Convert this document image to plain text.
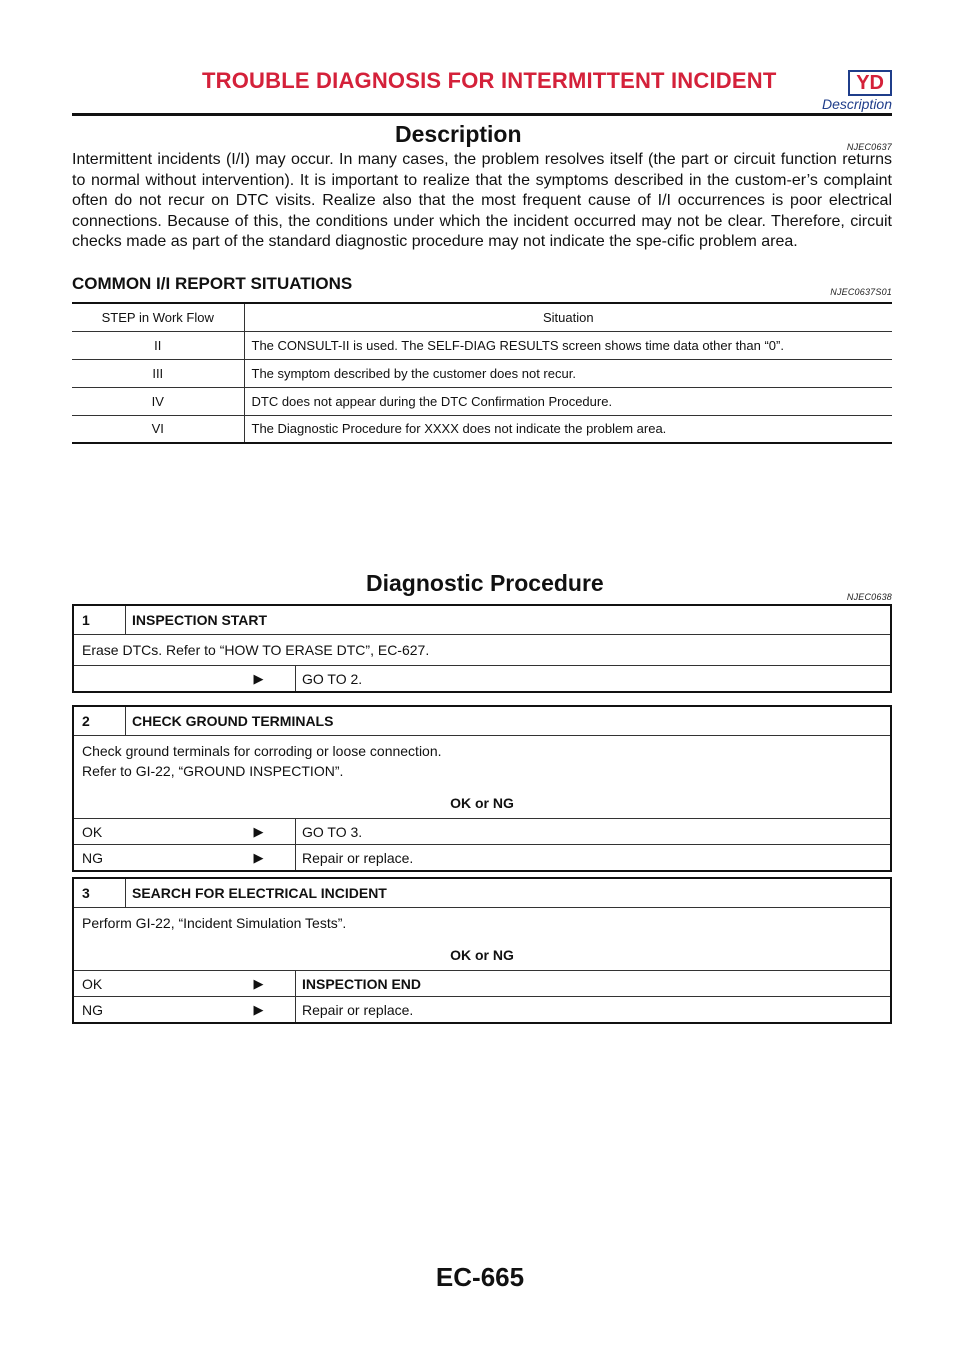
TROUBLE DIAGNOSIS FOR INTERMITTENT INCIDENT	YD
Description
Description	NJEC0637
Intermittent incidents (I/I) may occur. In many cases, the problem resolves itself (the part or circuit function returns to normal without intervention). It is important to realize that the symptoms described in the custom-er’s complaint often do not recur on DTC visits. Realize also that the most frequent cause of I/I occurrences is poor electrical connections. Because of this, the conditions under which the incident occurred may not be clear. Therefore, circuit checks made as part of the standard diagnostic procedure may not indicate the spe-cific problem area.
COMMON I/I REPORT SITUATIONS	NJEC0637S01
STEP in Work Flow	Situation
II	The CONSULT-II is used. The SELF-DIAG RESULTS screen shows time data other than “0”.
III	The symptom described by the customer does not recur.
IV	DTC does not appear during the DTC Confirmation Procedure.
VI	The Diagnostic Procedure for XXXX does not indicate the problem area.
Diagnostic Procedure
NJEC0638
1	INSPECTION START
Erase DTCs. Refer to “HOW TO ERASE DTC”, EC-627.
▶	GO TO 2.
2	CHECK GROUND TERMINALS
Check ground terminals for corroding or loose connection.
Refer to GI-22, “GROUND INSPECTION”.
OK or NG
OK	▶	GO TO 3.
NG	▶	Repair or replace.
3	SEARCH FOR ELECTRICAL INCIDENT
Perform GI-22, “Incident Simulation Tests”.
OK or NG
OK	▶	INSPECTION END
NG	▶	Repair or replace.
EC-665
